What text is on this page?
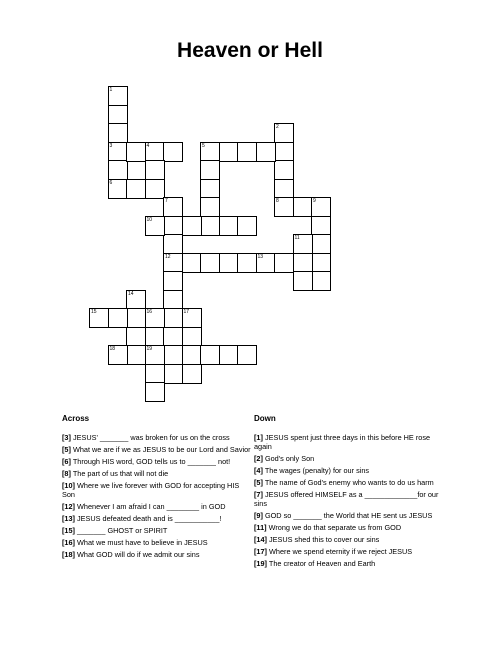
Heaven or Hell
1
3
2
4	5
6
7
12
8	9
10
11
13
14
15	16	17
18	19
Across
[3] JESUS' _______ was broken for us on the cross
[5] What we are if we as JESUS to be our Lord and Savior
[6] Through HIS word, GOD tells us to _______ not!
[8] The part of us that will not die
[10] Where we live forever with GOD for accepting HIS Son
[12] Whenever I am afraid I can ________ in GOD
[13] JESUS defeated death and is ___________!
[15] _______ GHOST or SPIRIT
[16] What we must have to believe in JESUS
[18] What GOD will do if we admit our sins
Down
[1] JESUS spent just three days in this before HE rose again
[2] God's only Son
[4] The wages (penalty) for our sins
[5] The name of God's enemy who wants to do us harm
[7] JESUS offered HIMSELF as a _____________for our sins
[9] GOD so _______ the World that HE sent us JESUS
[11] Wrong we do that separate us from GOD
[14] JESUS shed this to cover our sins
[17] Where we spend eternity if we reject JESUS
[19] The creator of Heaven and Earth
